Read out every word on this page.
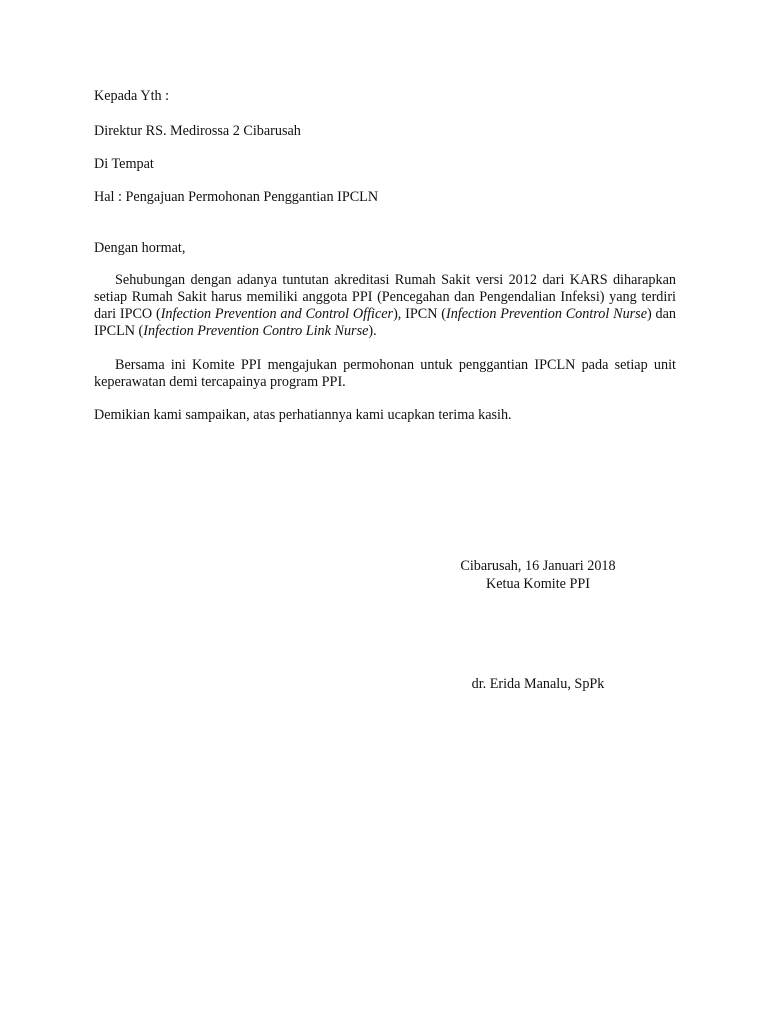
Kepada Yth :
Direktur RS. Medirossa 2 Cibarusah
Di Tempat
Hal : Pengajuan Permohonan Penggantian IPCLN
Dengan hormat,

Sehubungan dengan adanya tuntutan akreditasi Rumah Sakit versi 2012 dari KARS diharapkan setiap Rumah Sakit harus memiliki anggota PPI (Pencegahan dan Pengendalian Infeksi) yang terdiri dari IPCO (Infection Prevention and Control Officer), IPCN (Infection Prevention Control Nurse) dan IPCLN (Infection Prevention Contro Link Nurse).

Bersama ini Komite PPI mengajukan permohonan untuk penggantian IPCLN pada setiap unit keperawatan demi tercapainya program PPI.

Demikian kami sampaikan, atas perhatiannya kami ucapkan terima kasih.

Cibarusah, 16 Januari 2018
Ketua Komite PPI
dr. Erida Manalu, SpPk
